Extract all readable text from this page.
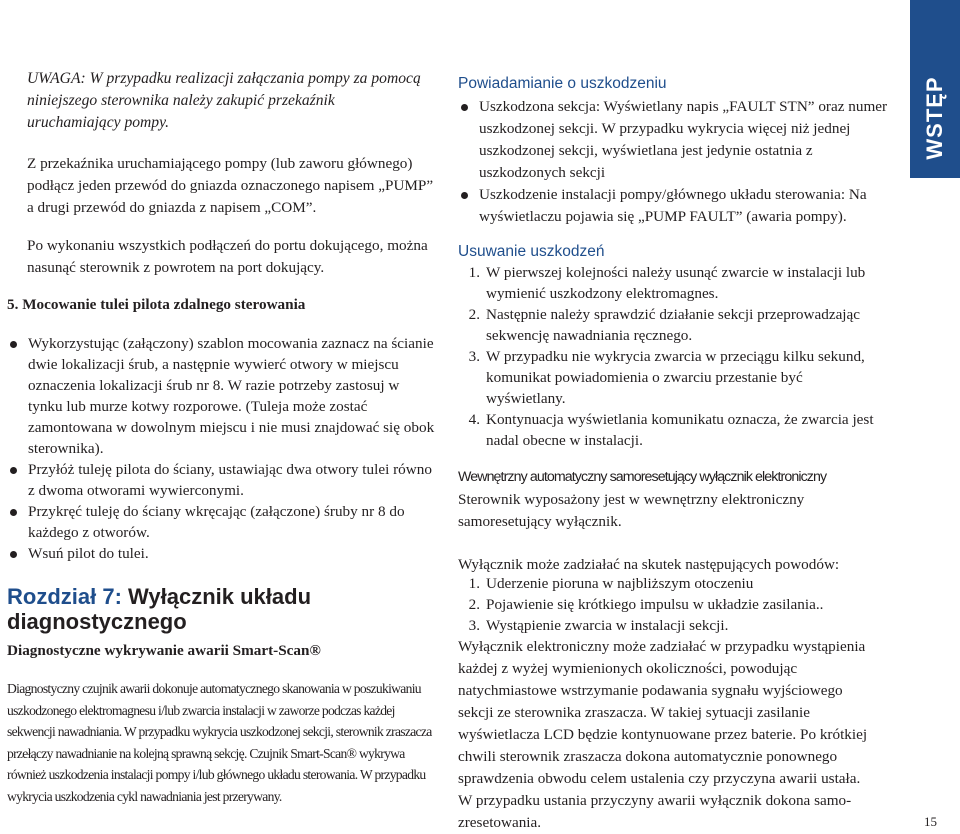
UWAGA: W przypadku realizacji załączania pompy za pomocą niniejszego sterownika należy zakupić przekaźnik uruchamiający pompy.

Z przekaźnika uruchamiającego pompy (lub zaworu głównego) podłącz jeden przewód do gniazda oznaczonego napisem „PUMP” a drugi przewód do gniazda z napisem „COM”.

Po wykonaniu wszystkich podłączeń do portu dokującego, można nasunąć sterownik z powrotem na port dokujący.

5. Mocowanie tulei pilota zdalnego sterowania

Wykorzystując (załączony) szablon mocowania zaznacz na ścianie dwie lokalizacji śrub, a następnie wywierć otwory w miejscu oznaczenia lokalizacji śrub nr 8. W razie potrzeby zastosuj w tynku lub murze kotwy rozporowe. (Tuleja może zostać zamontowana w dowolnym miejscu i nie musi znajdować się obok sterownika).
Przyłóż tuleję pilota do ściany, ustawiając dwa otwory tulei równo z dwoma otworami wywierconymi.
Przykręć tuleję do ściany wkręcając (załączone) śruby nr 8 do każdego z otworów.
Wsuń pilot do tulei.
Rozdział 7: Wyłącznik układu diagnostycznego

Diagnostyczne wykrywanie awarii Smart-Scan®

Diagnostyczny czujnik awarii dokonuje automatycznego skanowania w poszukiwaniu uszkodzonego elektromagnesu i/lub zwarcia instalacji w zaworze podczas każdej sekwencji nawadniania. W przypadku wykrycia uszkodzonej sekcji, sterownik zraszacza przełączy nawadnianie na kolejną sprawną sekcję. Czujnik Smart-Scan® wykrywa również uszkodzenia instalacji pompy i/lub głównego układu sterowania. W przypadku wykrycia uszkodzenia cykl nawadniania jest przerywany.

Powiadamianie o uszkodzeniu

Uszkodzona sekcja: Wyświetlany napis „FAULT STN” oraz numer uszkodzonej sekcji. W przypadku wykrycia więcej niż jednej uszkodzonej sekcji, wyświetlana jest jedynie ostatnia z uszkodzonych sekcji
Uszkodzenie instalacji pompy/głównego układu sterowania: Na wyświetlaczu pojawia się „PUMP FAULT” (awaria pompy).

Usuwanie uszkodzeń

1. W pierwszej kolejności należy usunąć zwarcie w instalacji lub wymienić uszkodzony elektromagnes.
2. Następnie należy sprawdzić działanie sekcji przeprowadzając sekwencję nawadniania ręcznego.
3. W przypadku nie wykrycia zwarcia w przeciągu kilku sekund, komunikat powiadomienia o zwarciu przestanie być wyświetlany.
4. Kontynuacja wyświetlania komunikatu oznacza, że zwarcia jest nadal obecne w instalacji.

Wewnętrzny automatyczny samoresetujący wyłącznik elektroniczny

Sterownik wyposażony jest w wewnętrzny elektroniczny samoresetujący wyłącznik.

Wyłącznik może zadziałać na skutek następujących powodów:

1. Uderzenie pioruna w najbliższym otoczeniu
2. Pojawienie się krótkiego impulsu w układzie zasilania..
3. Wystąpienie zwarcia w instalacji sekcji.

Wyłącznik elektroniczny może zadziałać w przypadku wystąpienia każdej z wyżej wymienionych okoliczności, powodując natychmiastowe wstrzymanie podawania sygnału wyjściowego sekcji ze sterownika zraszacza. W takiej sytuacji zasilanie wyświetlacza LCD będzie kontynuowane przez baterie. Po krótkiej chwili sterownik zraszacza dokona automatycznie ponownego sprawdzenia obwodu celem ustalenia czy przyczyna awarii ustała. W przypadku ustania przyczyny awarii wyłącznik dokona samo-zresetowania.

WSTĘP
15
